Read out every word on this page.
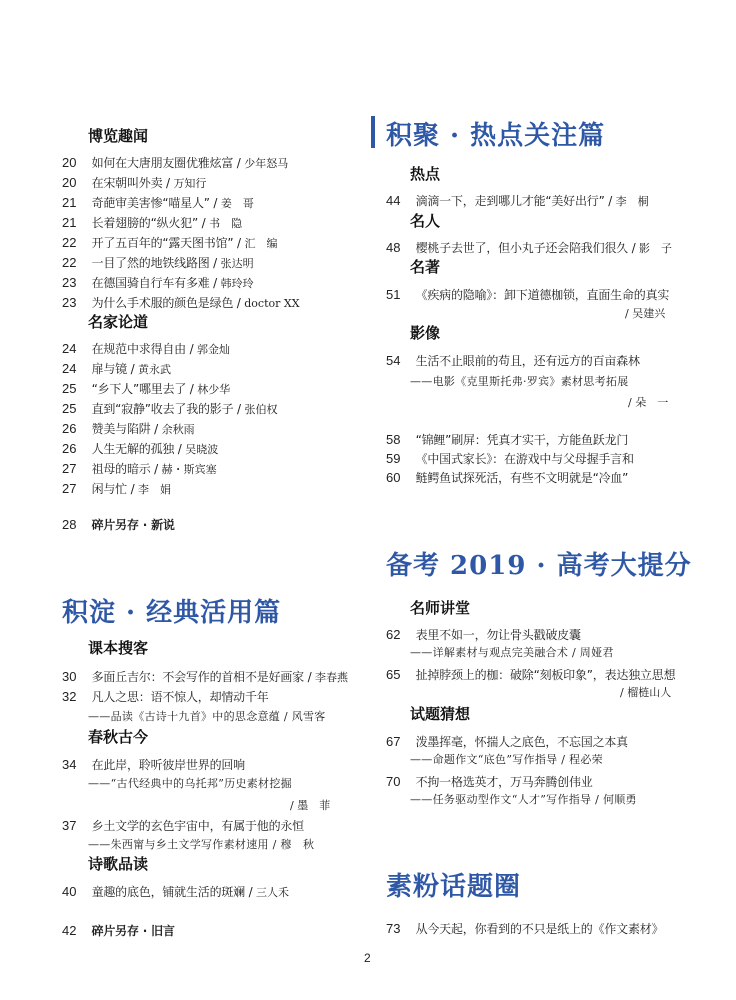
博览趣闻
20 如何在大唐朋友圈优雅炫富 / 少年怒马
20 在宋朝叫外卖 / 万知行
21 奇葩审美害惨“喵星人” / 姜　哥
21 长着翅膀的“纵火犯” / 书　隐
22 开了五百年的“露天图书馆” / 汇　编
22 一目了然的地铁线路图 / 张达明
23 在德国骑自行车有多难 / 韩玲玲
23 为什么手术服的颜色是绿色 / doctor XX
名家论道
24 在规范中求得自由 / 郭金灿
24 扉与镜 / 黄永武
25 “乡下人”哪里去了 / 林少华
25 直到“寂静”收去了我的影子 / 张伯权
26 赞美与陷阱 / 余秋雨
26 人生无解的孤独 / 吴晓波
27 祖母的暗示 / 赫・斯宾塞
27 闲与忙 / 李　娟
28 碎片另存 · 新说
积淀 · 经典活用篇
课本搜客
30 多面丘吉尔：不会写作的首相不是好画家 / 李春燕
32 凡人之思：语不惊人，却情动千年
——品读《古诗十九首》中的思念意蕴 / 风雪客
春秋古今
34 在此岸，聆听彼岸世界的回响
——“古代经典中的乌托邦”历史素材挖掘
/ 墨　菲
37 乡土文学的玄色宇宙中，有属于他的永恒
——朱西甯与乡土文学写作素材速用 / 穆　秋
诗歌品读
40 童趣的底色，铺就生活的斑斓 / 三人禾
42 碎片另存 · 旧言
积聚 · 热点关注篇
热点
44 滴滴一下，走到哪儿才能“美好出行” / 李　桐
名人
48 樱桃子去世了，但小丸子还会陪我们很久 / 影　子
名著
51 《疾病的隐喻》：卸下道德枷锁，直面生命的真实
/ 吴建兴
影像
54 生活不止眼前的苟且，还有远方的百亩森林
——电影《克里斯托弗·罗宾》素材思考拓展
/ 朵　一
58 “锦鲤”刷屏：凭真才实干，方能鱼跃龙门
59 《中国式家长》：在游戏中与父母握手言和
60 鲢鳄鱼试探死活，有些不文明就是“冷血”
备考 2019 · 高考大提分
名师讲堂
62 表里不如一，勿让骨头戳破皮囊
——详解素材与观点完美融合术 / 周娅君
65 扯掉脖颈上的枷：破除“刻板印象”，表达独立思想
/ 榴梿山人
试题猜想
67 泼墨挥毫，怀揣人之底色，不忘国之本真
——命题作文“底色”写作指导 / 程必荣
70 不拘一格选英才，万马奔腾创伟业
——任务驱动型作文“人才”写作指导 / 何顺勇
素粉话题圈
73 从今天起，你看到的不只是纸上的《作文素材》
2
